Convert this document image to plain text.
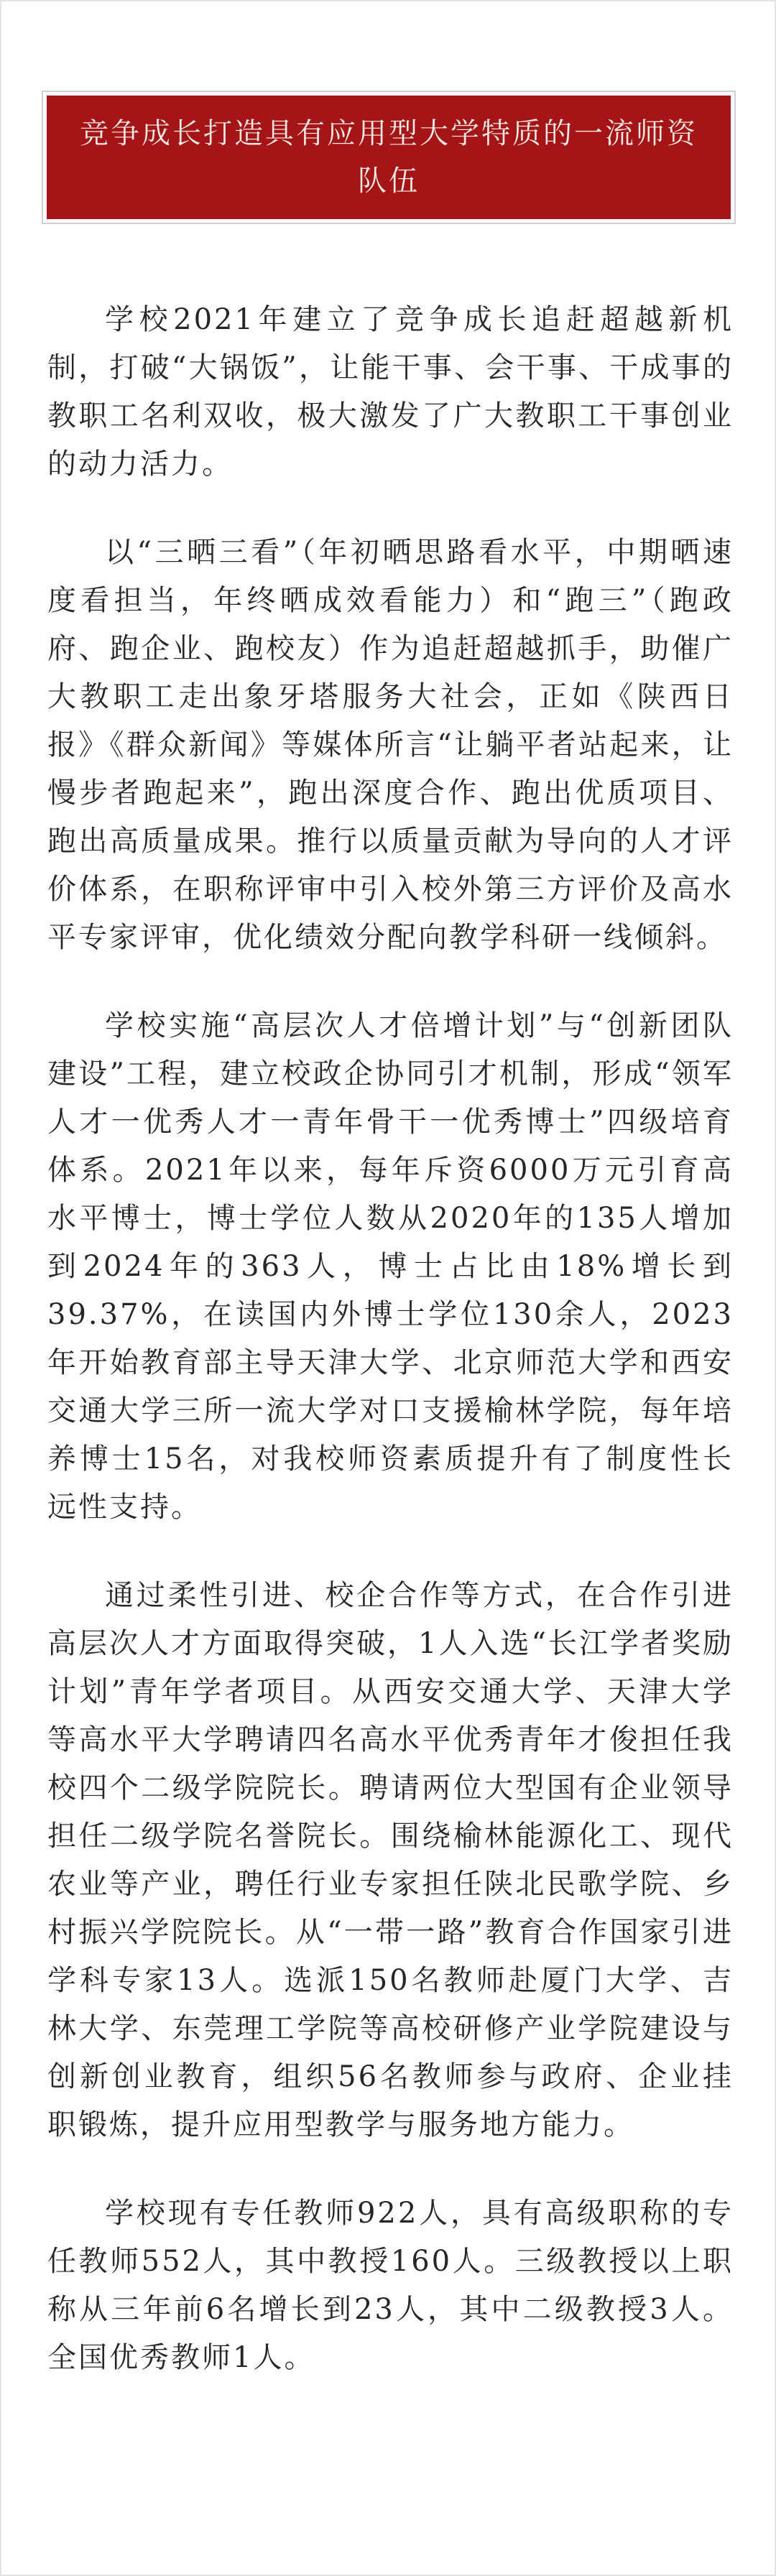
竞争成长打造具有应用型大学特质的一流师资队伍

学校2021年建立了竞争成长追赶超越新机制，打破“大锅饭”，让能干事、会干事、干成事的教职工名利双收，极大激发了广大教职工干事创业的动力活力。

以“三晒三看”（年初晒思路看水平，中期晒速度看担当，年终晒成效看能力）和“跑三”（跑政府、跑企业、跑校友）作为追赶超越抓手，助催广大教职工走出象牙塔服务大社会，正如《陕西日报》《群众新闻》等媒体所言“让躺平者站起来，让慢步者跑起来”，跑出深度合作、跑出优质项目、跑出高质量成果。推行以质量贡献为导向的人才评价体系，在职称评审中引入校外第三方评价及高水平专家评审，优化绩效分配向教学科研一线倾斜。

学校实施“高层次人才倍增计划”与“创新团队建设”工程，建立校政企协同引才机制，形成“领军人才一优秀人才一青年骨干一优秀博士”四级培育体系。2021年以来，每年斥资6000万元引育高水平博士，博士学位人数从2020年的135人增加到2024年的363人，博士占比由18%增长到39.37%，在读国内外博士学位130余人，2023年开始教育部主导天津大学、北京师范大学和西安交通大学三所一流大学对口支援榆林学院，每年培养博士15名，对我校师资素质提升有了制度性长远性支持。

通过柔性引进、校企合作等方式，在合作引进高层次人才方面取得突破，1人入选“长江学者奖励计划”青年学者项目。从西安交通大学、天津大学等高水平大学聘请四名高水平优秀青年才俊担任我校四个二级学院院长。聘请两位大型国有企业领导担任二级学院名誉院长。围绕榆林能源化工、现代农业等产业，聘任行业专家担任陕北民歌学院、乡村振兴学院院长。从“一带一路”教育合作国家引进学科专家13人。选派150名教师赴厦门大学、吉林大学、东莞理工学院等高校研修产业学院建设与创新创业教育，组织56名教师参与政府、企业挂职锻炼，提升应用型教学与服务地方能力。

学校现有专任教师922人，具有高级职称的专任教师552人，其中教授160人。三级教授以上职称从三年前6名增长到23人，其中二级教授3人。全国优秀教师1人。
